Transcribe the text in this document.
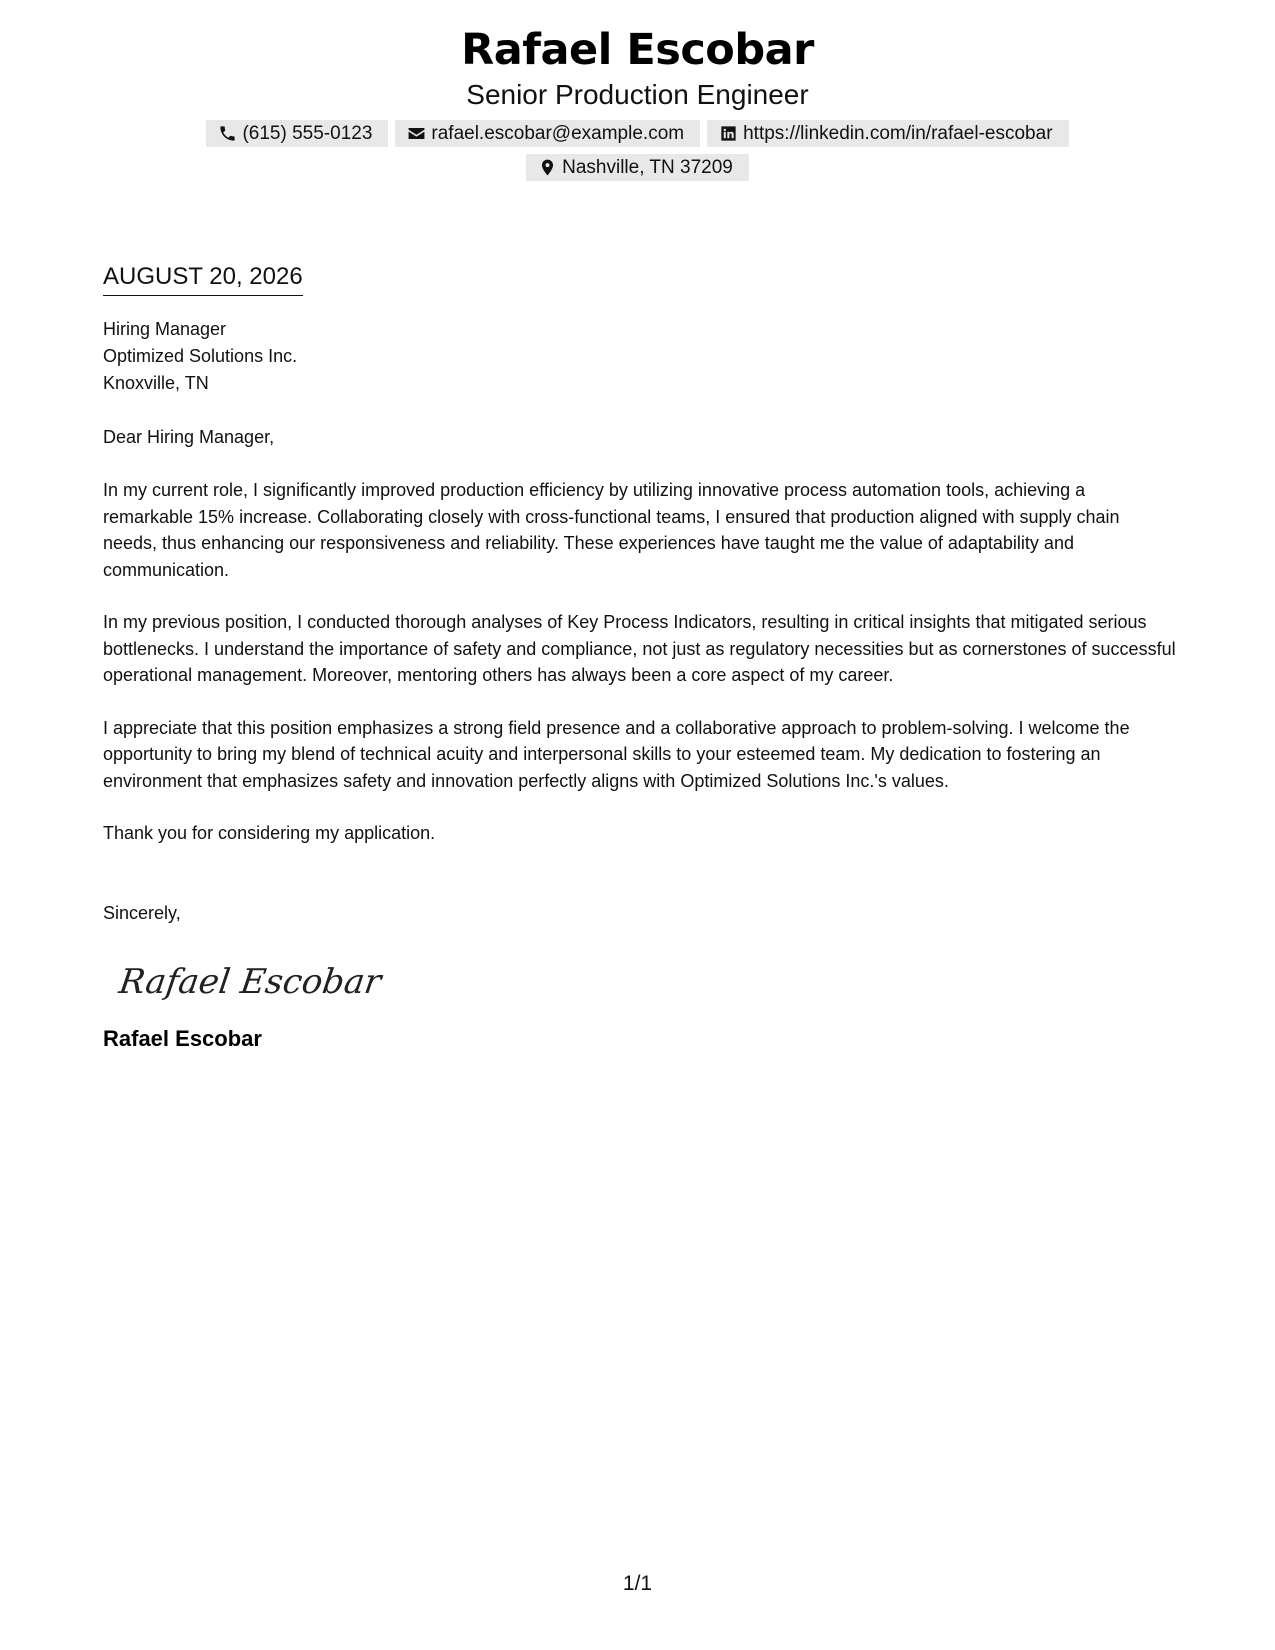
Rafael Escobar
Senior Production Engineer
(615) 555-0123	rafael.escobar@example.com	https://linkedin.com/in/rafael-escobar
Nashville, TN 37209
AUGUST 20, 2026
Hiring Manager
Optimized Solutions Inc.
Knoxville, TN
Dear Hiring Manager,
In my current role, I significantly improved production efficiency by utilizing innovative process automation tools, achieving a remarkable 15% increase. Collaborating closely with cross-functional teams, I ensured that production aligned with supply chain needs, thus enhancing our responsiveness and reliability. These experiences have taught me the value of adaptability and communication.
In my previous position, I conducted thorough analyses of Key Process Indicators, resulting in critical insights that mitigated serious bottlenecks. I understand the importance of safety and compliance, not just as regulatory necessities but as cornerstones of successful operational management. Moreover, mentoring others has always been a core aspect of my career.
I appreciate that this position emphasizes a strong field presence and a collaborative approach to problem-solving. I welcome the opportunity to bring my blend of technical acuity and interpersonal skills to your esteemed team. My dedication to fostering an environment that emphasizes safety and innovation perfectly aligns with Optimized Solutions Inc.'s values.
Thank you for considering my application.
Sincerely,
Rafael Escobar
Rafael Escobar
1/1
